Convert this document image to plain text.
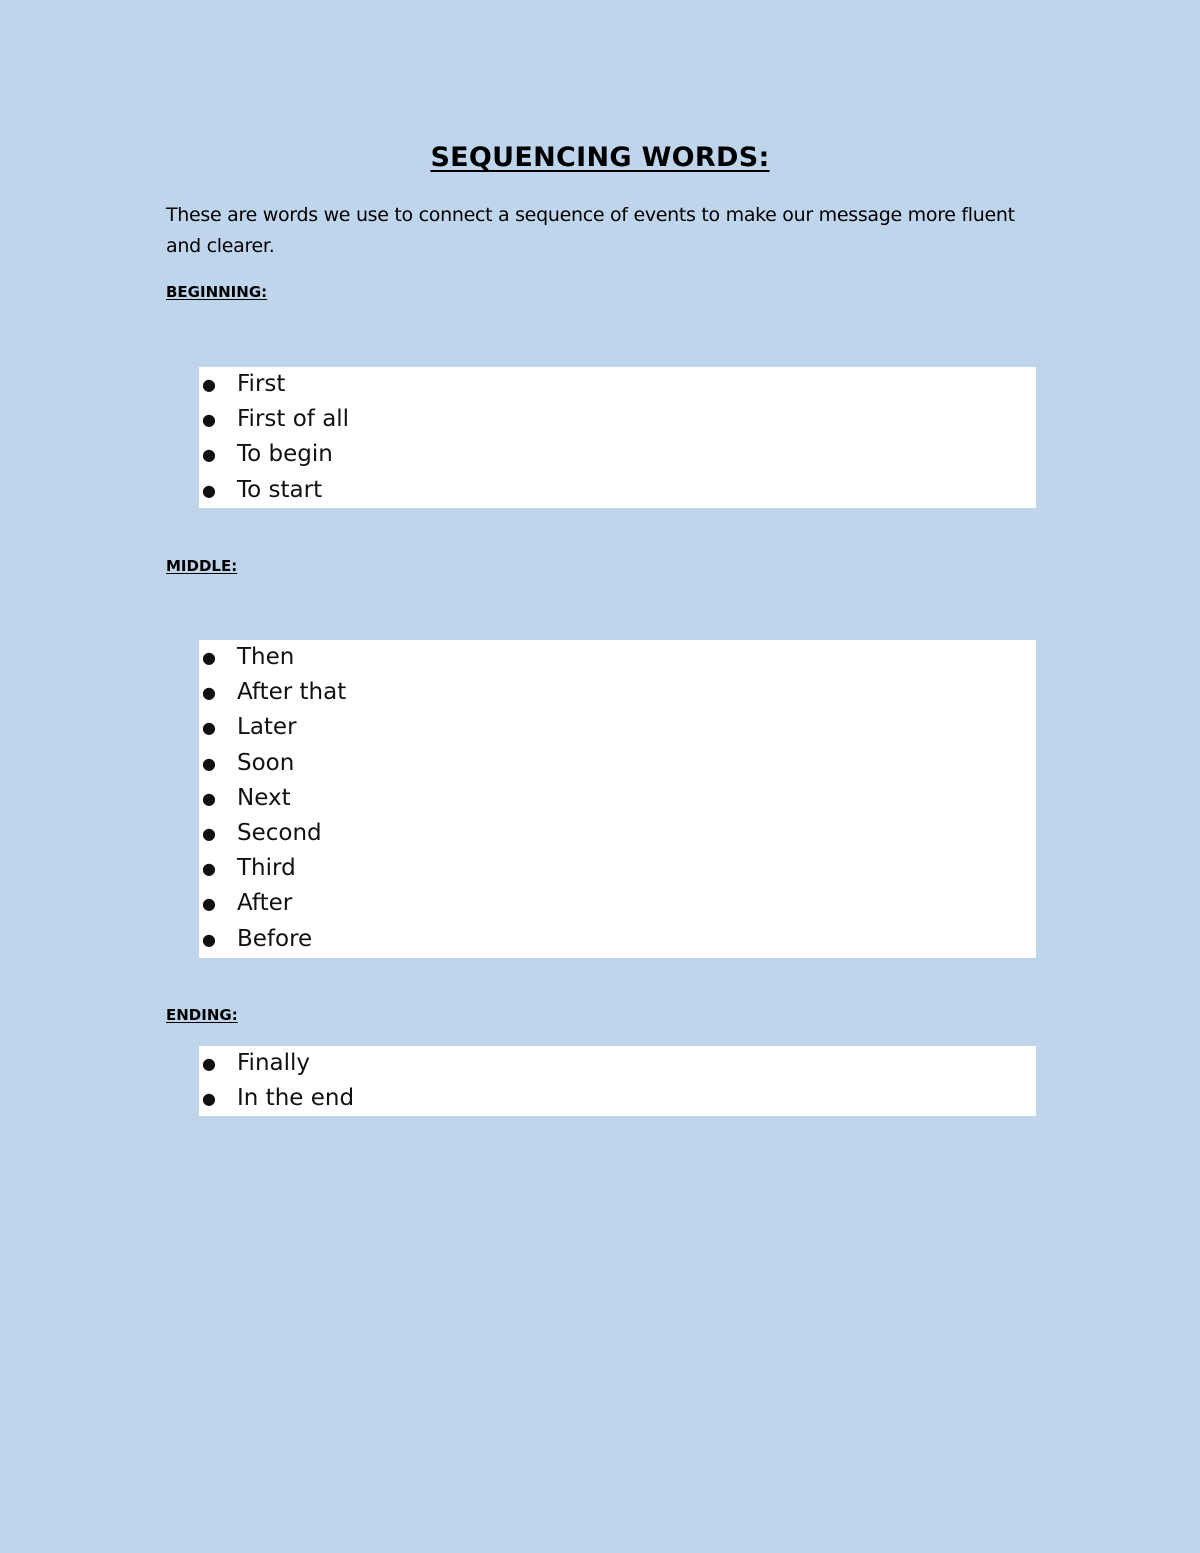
SEQUENCING WORDS:
These are words we use to connect a sequence of events to make our message more fluent and clearer.
BEGINNING:
● First
● First of all
● To begin
● To start
MIDDLE:
● Then
● After that
● Later
● Soon
● Next
● Second
● Third
● After
● Before
ENDING:
● Finally
● In the end
